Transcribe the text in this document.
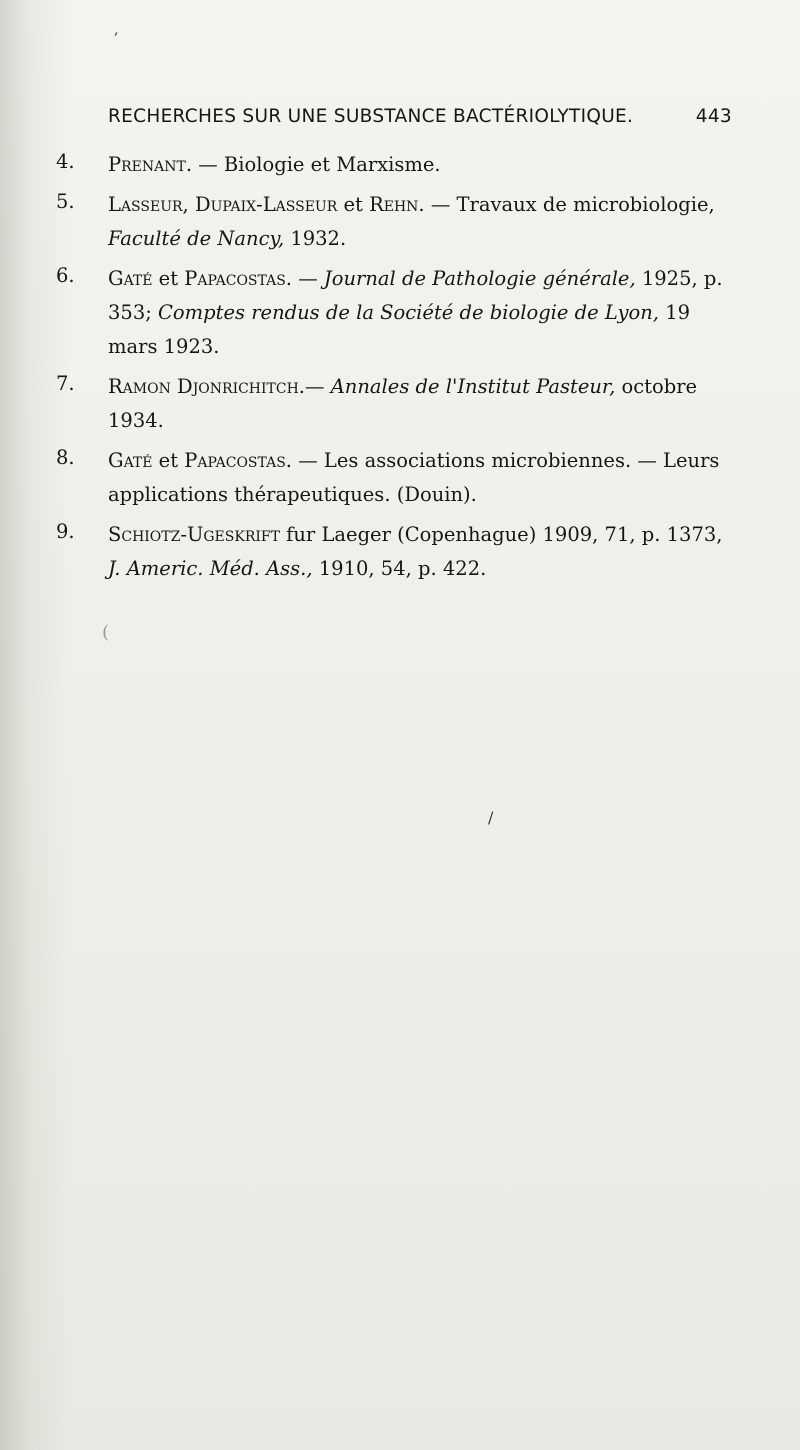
RECHERCHES SUR UNE SUBSTANCE BACTÉRIOLYTIQUE.	443
4. Prenant. — Biologie et Marxisme.
5. Lasseur, Dupaix-Lasseur et Rehn. — Travaux de microbiologie, Faculté de Nancy, 1932.
6. Gaté et Papacostas. — Journal de Pathologie générale, 1925, p. 353; Comptes rendus de la Société de biologie de Lyon, 19 mars 1923.
7. Ramon Djonrichitch.— Annales de l'Institut Pasteur, octobre 1934.
8. Gaté et Papacostas. — Les associations microbiennes. — Leurs applications thérapeutiques. (Douin).
9. Schiotz-Ugeskrift fur Laeger (Copenhague) 1909, 71, p. 1373, J. Americ. Méd. Ass., 1910, 54, p. 422.
,
(
/
